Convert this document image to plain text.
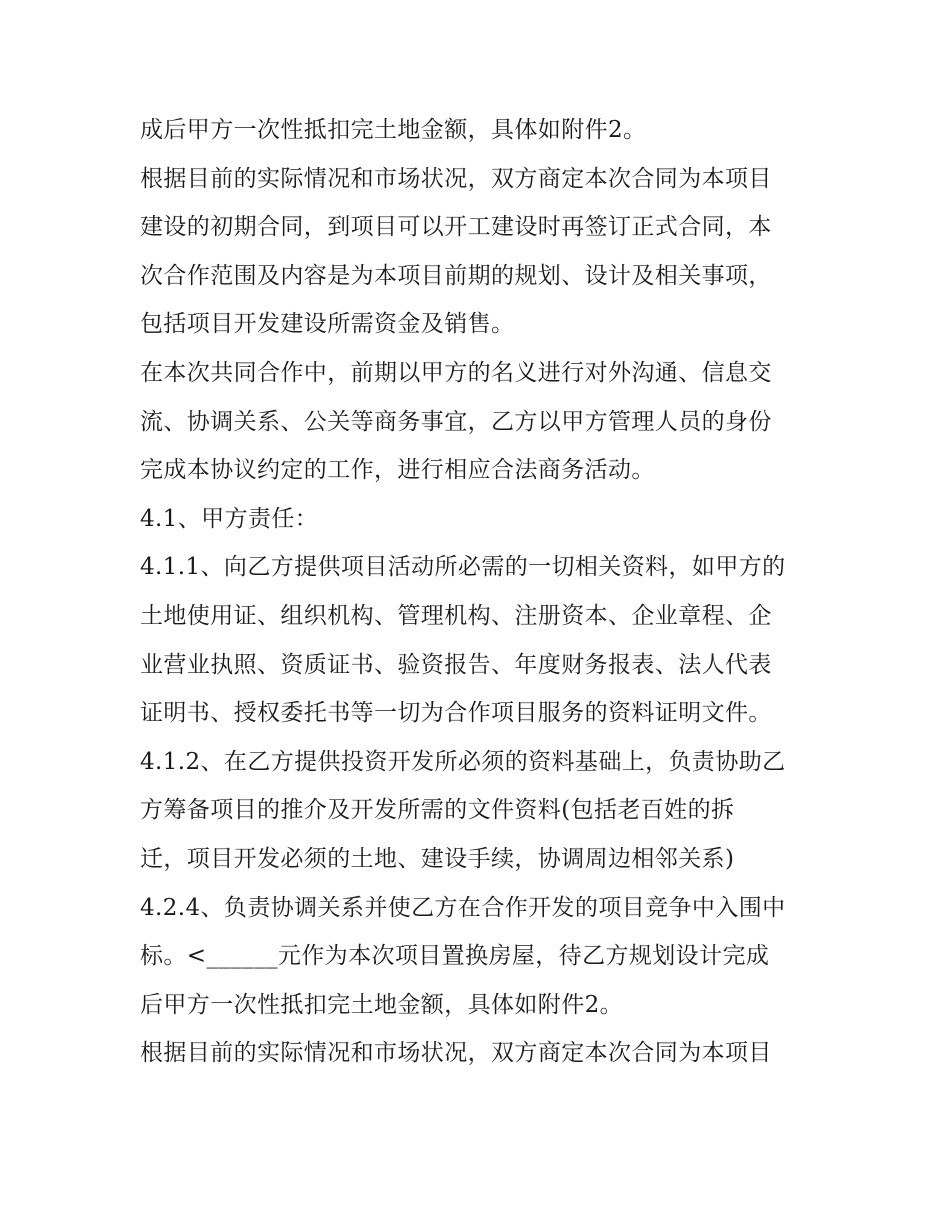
成后甲方一次性抵扣完土地金额，具体如附件2。

根据目前的实际情况和市场状况，双方商定本次合同为本项目

建设的初期合同，到项目可以开工建设时再签订正式合同，本

次合作范围及内容是为本项目前期的规划、设计及相关事项，

包括项目开发建设所需资金及销售。

在本次共同合作中，前期以甲方的名义进行对外沟通、信息交

流、协调关系、公关等商务事宜，乙方以甲方管理人员的身份

完成本协议约定的工作，进行相应合法商务活动。

4.1、甲方责任：

4.1.1、向乙方提供项目活动所必需的一切相关资料，如甲方的

土地使用证、组织机构、管理机构、注册资本、企业章程、企

业营业执照、资质证书、验资报告、年度财务报表、法人代表

证明书、授权委托书等一切为合作项目服务的资料证明文件。

4.1.2、在乙方提供投资开发所必须的资料基础上，负责协助乙

方筹备项目的推介及开发所需的文件资料(包括老百姓的拆

迁，项目开发必须的土地、建设手续，协调周边相邻关系)

4.2.4、负责协调关系并使乙方在合作开发的项目竞争中入围中

标。<______元作为本次项目置换房屋，待乙方规划设计完成

后甲方一次性抵扣完土地金额，具体如附件2。

根据目前的实际情况和市场状况，双方商定本次合同为本项目
